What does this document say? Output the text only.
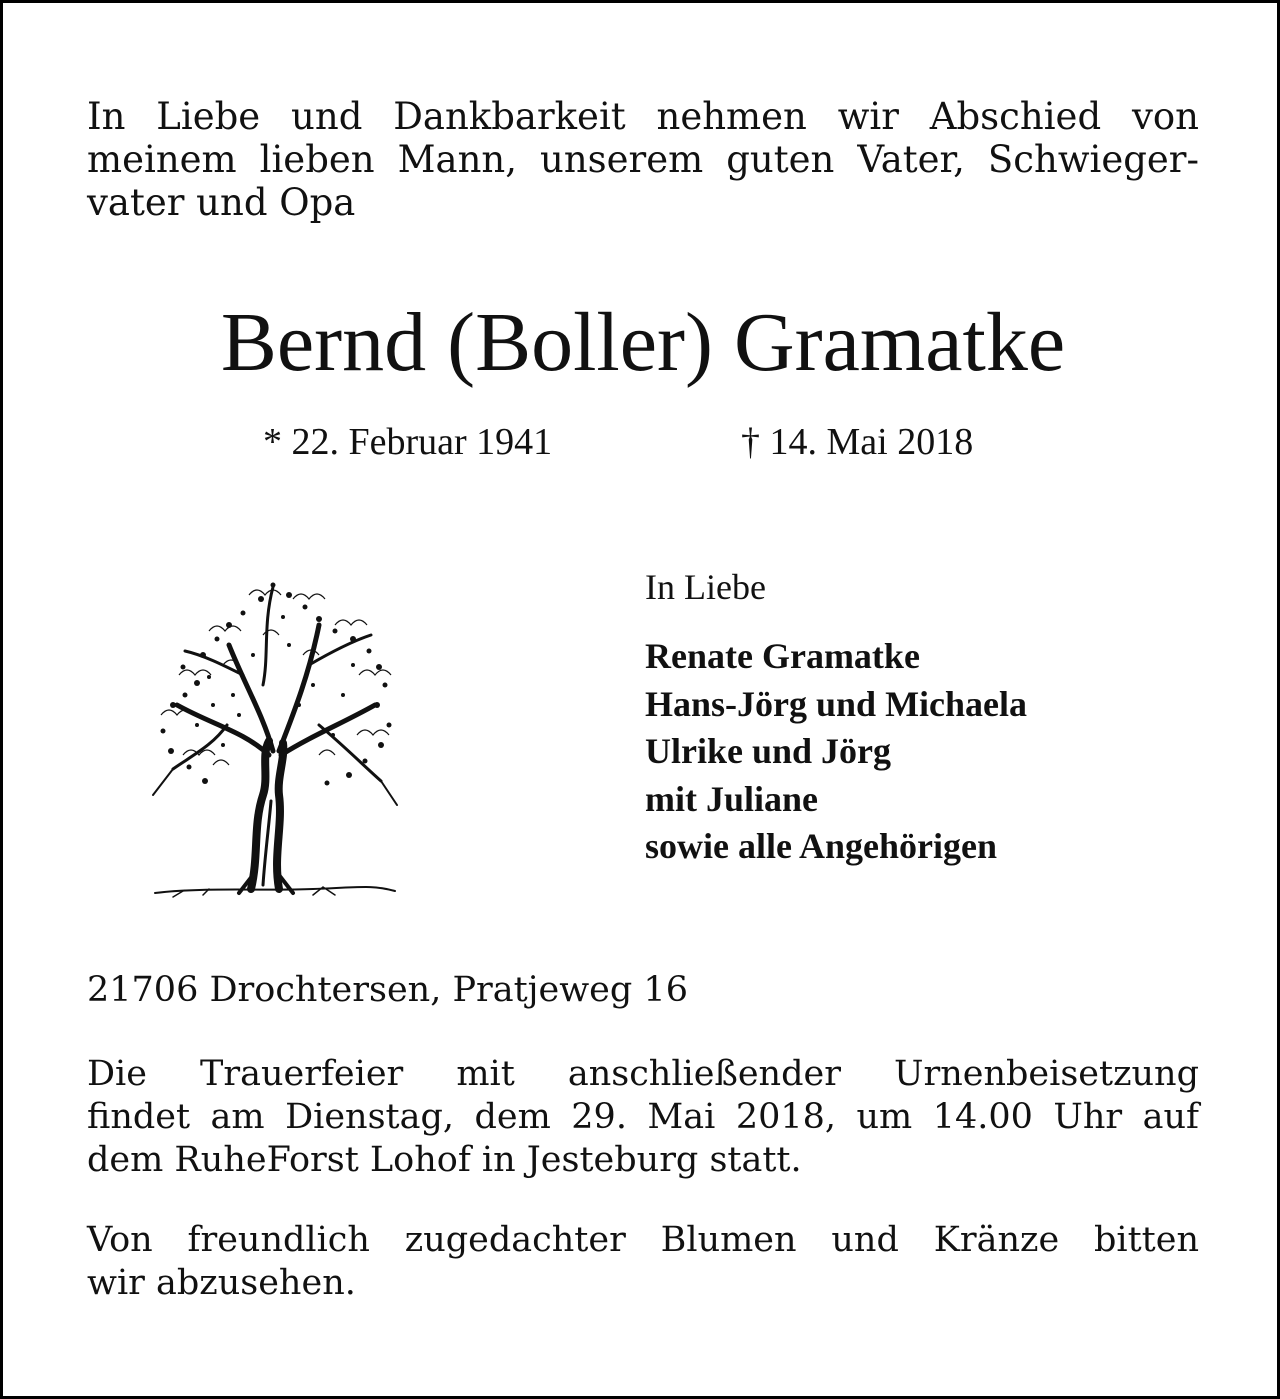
In Liebe und Dankbarkeit nehmen wir Abschied von
meinem lieben Mann, unserem guten Vater, Schwieger-
vater und Opa
Bernd (Boller) Gramatke
* 22. Februar 1941	† 14. Mai 2018
In Liebe
Renate Gramatke
Hans-Jörg und Michaela
Ulrike und Jörg
mit Juliane
sowie alle Angehörigen
21706 Drochtersen, Pratjeweg 16
Die Trauerfeier mit anschließender Urnenbeisetzung
findet am Dienstag, dem 29. Mai 2018, um 14.00 Uhr auf
dem RuheForst Lohof in Jesteburg statt.
Von freundlich zugedachter Blumen und Kränze bitten
wir abzusehen.
